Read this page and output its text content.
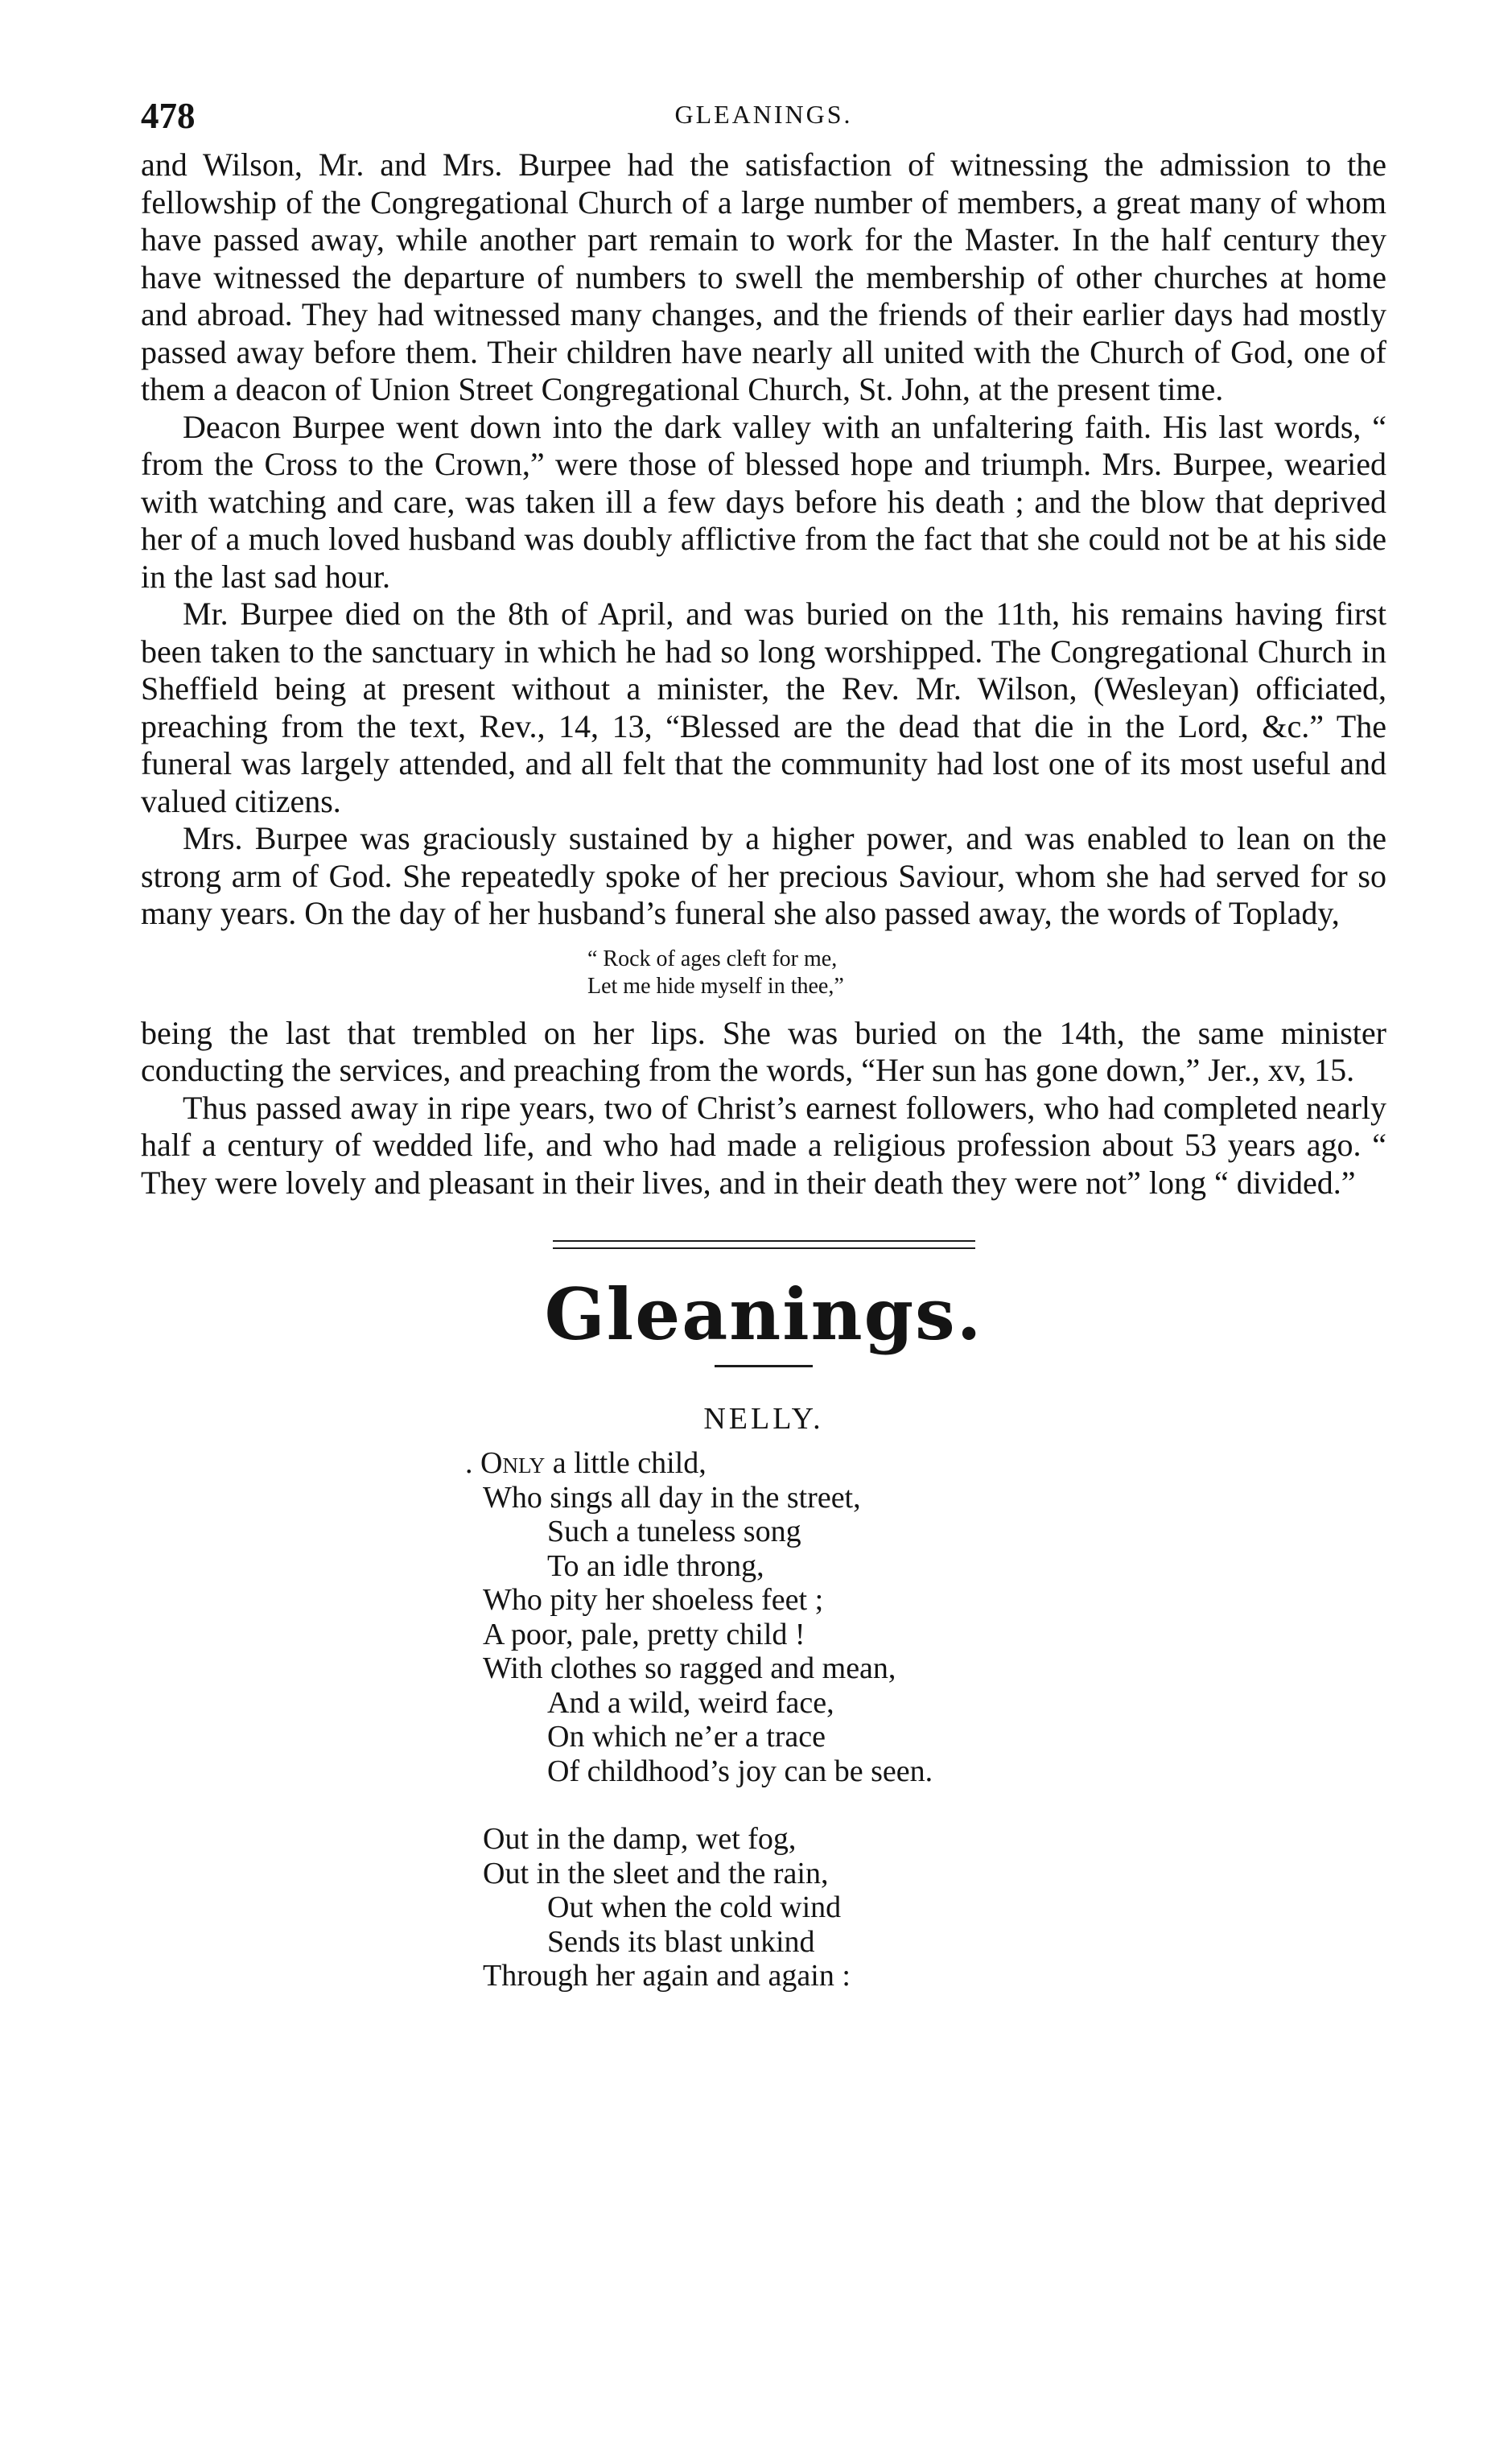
478	GLEANINGS.

and Wilson, Mr. and Mrs. Burpee had the satisfaction of witnessing the admission to the fellowship of the Congregational Church of a large number of members, a great many of whom have passed away, while another part remain to work for the Master. In the half century they have witnessed the departure of numbers to swell the membership of other churches at home and abroad. They had witnessed many changes, and the friends of their earlier days had mostly passed away before them. Their children have nearly all united with the Church of God, one of them a deacon of Union Street Congregational Church, St. John, at the present time.

Deacon Burpee went down into the dark valley with an unfaltering faith. His last words, “ from the Cross to the Crown,” were those of blessed hope and triumph. Mrs. Burpee, wearied with watching and care, was taken ill a few days before his death ; and the blow that deprived her of a much loved husband was doubly afflictive from the fact that she could not be at his side in the last sad hour.

Mr. Burpee died on the 8th of April, and was buried on the 11th, his remains having first been taken to the sanctuary in which he had so long worshipped. The Congregational Church in Sheffield being at present without a minister, the Rev. Mr. Wilson, (Wesleyan) officiated, preaching from the text, Rev., 14, 13, “Blessed are the dead that die in the Lord, &c.” The funeral was largely attended, and all felt that the community had lost one of its most useful and valued citizens.

Mrs. Burpee was graciously sustained by a higher power, and was enabled to lean on the strong arm of God. She repeatedly spoke of her precious Saviour, whom she had served for so many years. On the day of her husband’s funeral she also passed away, the words of Toplady,

“ Rock of ages cleft for me,
Let me hide myself in thee,”

being the last that trembled on her lips. She was buried on the 14th, the same minister conducting the services, and preaching from the words, “Her sun has gone down,” Jer., xv, 15.

Thus passed away in ripe years, two of Christ’s earnest followers, who had completed nearly half a century of wedded life, and who had made a religious profession about 53 years ago. “ They were lovely and pleasant in their lives, and in their death they were not” long “ divided.”

Gleanings.
NELLY.
. Only a little child,
Who sings all day in the street,
Such a tuneless song
To an idle throng,
Who pity her shoeless feet ;
A poor, pale, pretty child !
With clothes so ragged and mean,
And a wild, weird face,
On which ne’er a trace
Of childhood’s joy can be seen.
Out in the damp, wet fog,
Out in the sleet and the rain,
Out when the cold wind
Sends its blast unkind
Through her again and again :
